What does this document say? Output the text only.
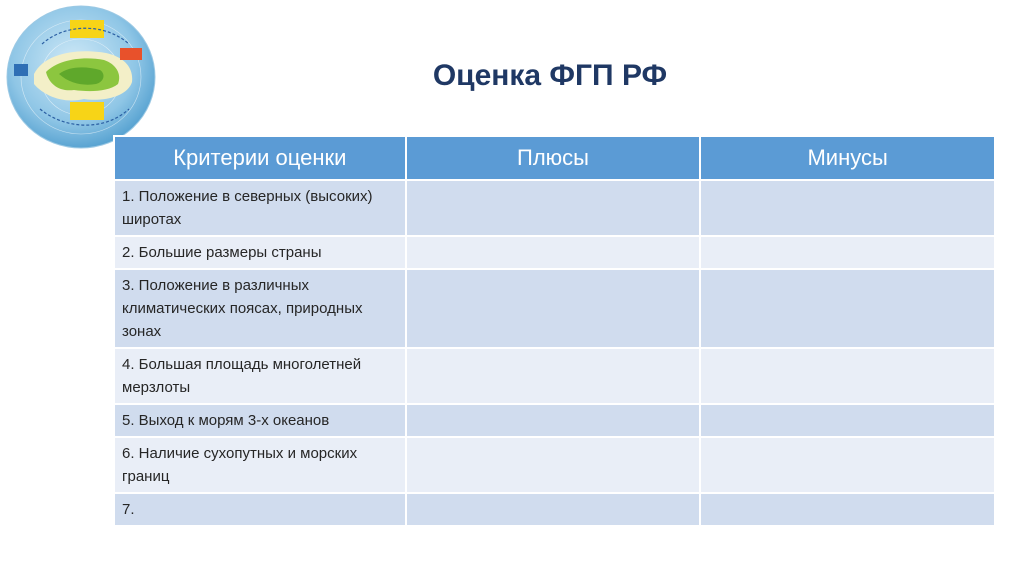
Оценка ФГП РФ
Критерии оценки	Плюсы	Минусы
1. Положение в северных (высоких) широтах		
2. Большие размеры страны		
3. Положение в различных климатических поясах, природных зонах		
4. Большая площадь многолетней мерзлоты		
5. Выход к морям 3-х океанов		
6. Наличие сухопутных и морских границ		
7.		
